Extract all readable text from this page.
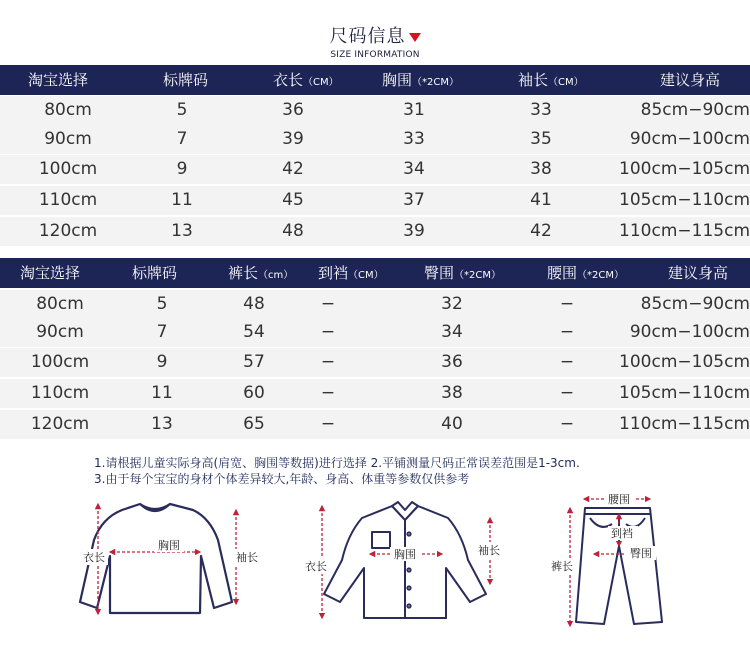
尺码信息
SIZE INFORMATION
淘宝选择	标牌码	衣长（CM）	胸围（*2CM）	袖长（CM）	建议身高
80cm	5	36	31	33	85cm−90cm
90cm	7	39	33	35	90cm−100cm
100cm	9	42	34	38	100cm−105cm
110cm	11	45	37	41	105cm−110cm
120cm	13	48	39	42	110cm−115cm
淘宝选择	标牌码	裤长（cm） 到裆（CM）	臀围（*2CM）	腰围（*2CM）	建议身高
80cm	5	48	−	32	−	85cm−90cm
90cm	7	54	−	34	−	90cm−100cm
100cm	9	57	−	36	−	100cm−105cm
110cm	11	60	−	38	−	105cm−110cm
120cm	13	65	−	40	−	110cm−115cm
1.请根据儿童实际身高(肩宽、胸围等数据)进行选择 2.平铺测量尺码正常误差范围是1-3cm.
3.由于每个宝宝的身材个体差异较大,年龄、身高、体重等参数仅供参考
衣长
胸围
袖长
衣长
胸围	袖长
腰围
裤长
到裆
臀围
